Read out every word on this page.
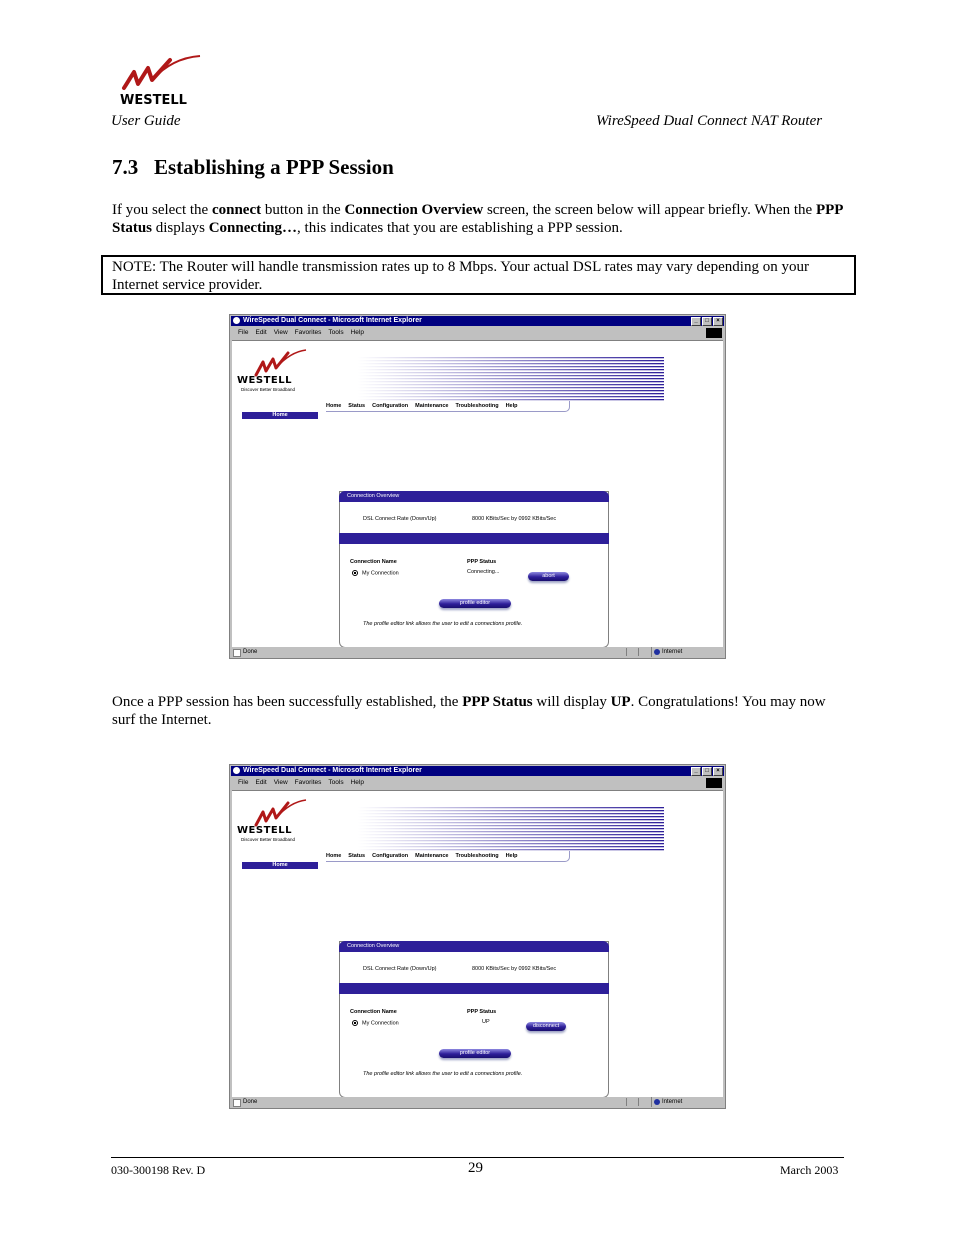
WESTELL
User Guide	WireSpeed Dual Connect NAT Router
7.3   Establishing a PPP Session
If you select the connect button in the Connection Overview screen, the screen below will appear briefly. When the PPP Status displays Connecting…, this indicates that you are establishing a PPP session.
NOTE: The Router will handle transmission rates up to 8 Mbps. Your actual DSL rates may vary depending on your Internet service provider.
WireSpeed Dual Connect - Microsoft Internet Explorer	_ □ ×
File Edit View Favorites Tools Help
WESTELL
Discover Better Broadband
Home Status Configuration Maintenance Troubleshooting Help
Home
Connection Overview
DSL Connect Rate (Down/Up)	8000 KBits/Sec by 0992 KBits/Sec
Connection Name	PPP Status
My Connection	Connecting...
abort
profile editor
The profile editor link allows the user to edit a connections profile.
Done	Internet
Once a PPP session has been successfully established, the PPP Status will display UP. Congratulations! You may now surf the Internet.
WireSpeed Dual Connect - Microsoft Internet Explorer	_ □ ×
File Edit View Favorites Tools Help
WESTELL
Discover Better Broadband
Home Status Configuration Maintenance Troubleshooting Help
Home
Connection Overview
DSL Connect Rate (Down/Up)	8000 KBits/Sec by 0992 KBits/Sec
Connection Name	PPP Status
My Connection	UP
disconnect
profile editor
The profile editor link allows the user to edit a connections profile.
Done	Internet
030-300198 Rev. D	29	March 2003
